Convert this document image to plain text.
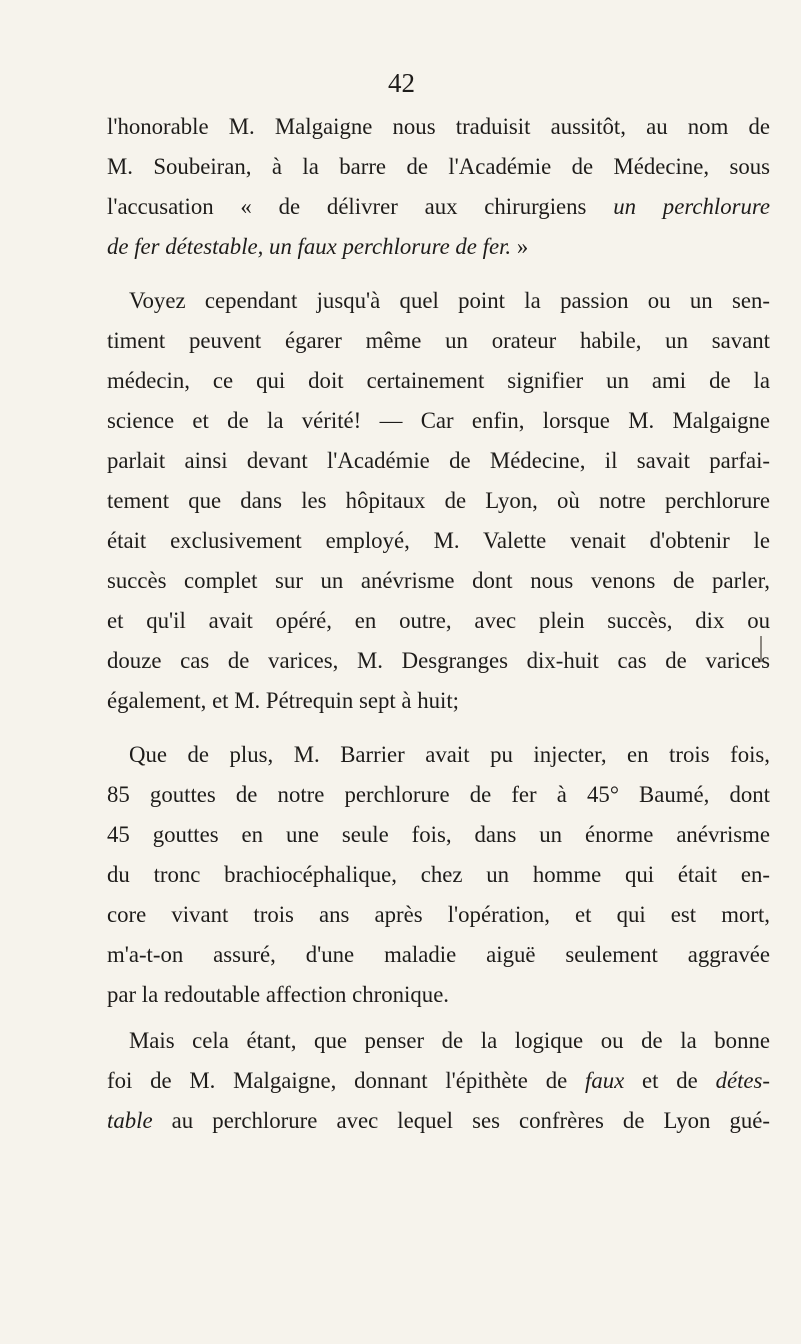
42
l'honorable M. Malgaigne nous traduisit aussitôt, au nom de
M. Soubeiran, à la barre de l'Académie de Médecine, sous
l'accusation « de délivrer aux chirurgiens un perchlorure
de fer détestable, un faux perchlorure de fer. »
Voyez cependant jusqu'à quel point la passion ou un sen-
timent peuvent égarer même un orateur habile, un savant
médecin, ce qui doit certainement signifier un ami de la
science et de la vérité! — Car enfin, lorsque M. Malgaigne
parlait ainsi devant l'Académie de Médecine, il savait parfai-
tement que dans les hôpitaux de Lyon, où notre perchlorure
était exclusivement employé, M. Valette venait d'obtenir le
succès complet sur un anévrisme dont nous venons de parler,
et qu'il avait opéré, en outre, avec plein succès, dix ou
douze cas de varices, M. Desgranges dix-huit cas de varices
également, et M. Pétrequin sept à huit;
Que de plus, M. Barrier avait pu injecter, en trois fois,
85 gouttes de notre perchlorure de fer à 45° Baumé, dont
45 gouttes en une seule fois, dans un énorme anévrisme
du tronc brachiocéphalique, chez un homme qui était en-
core vivant trois ans après l'opération, et qui est mort,
m'a-t-on assuré, d'une maladie aiguë seulement aggravée
par la redoutable affection chronique.
Mais cela étant, que penser de la logique ou de la bonne
foi de M. Malgaigne, donnant l'épithète de faux et de détes-
table au perchlorure avec lequel ses confrères de Lyon gué-
